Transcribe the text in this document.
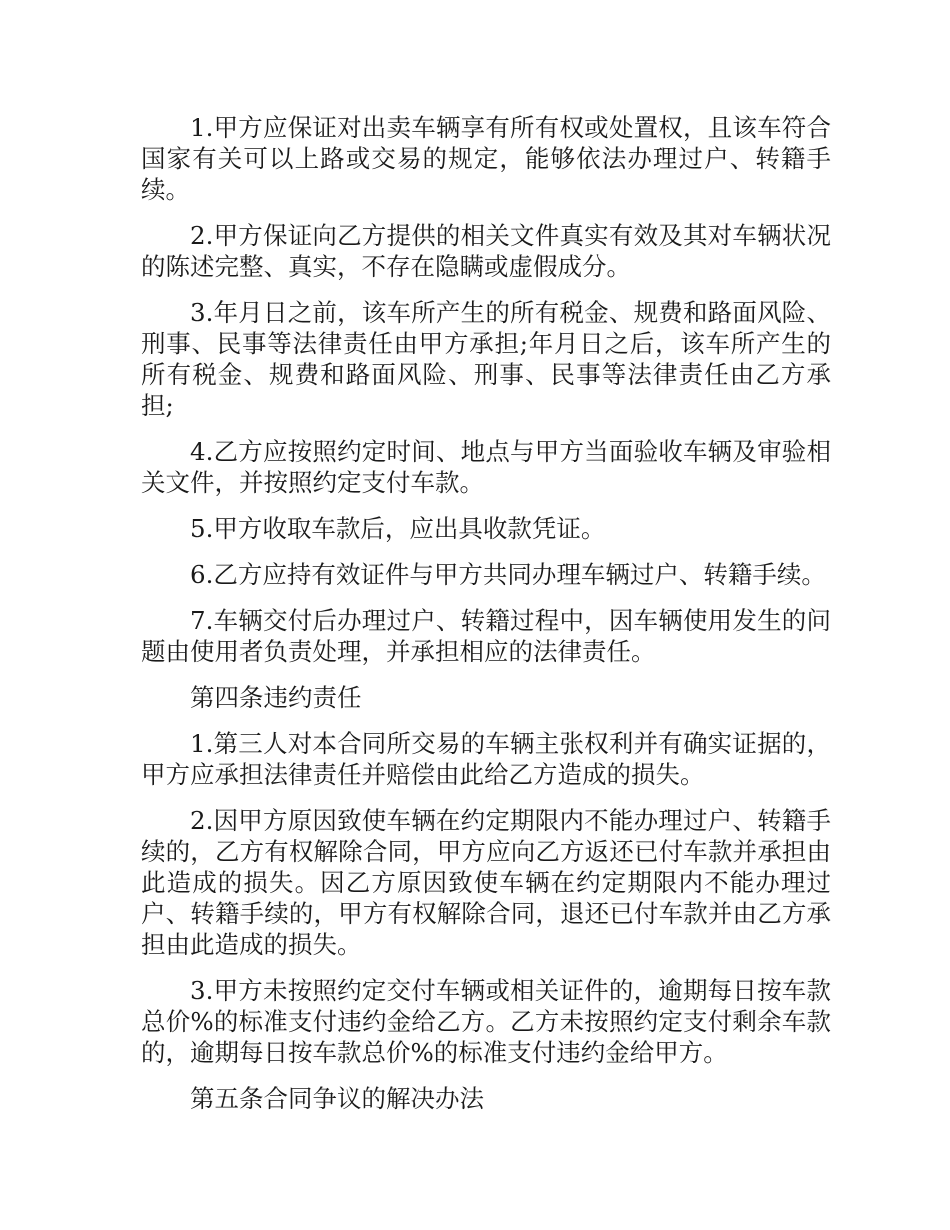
1.甲方应保证对出卖车辆享有所有权或处置权，且该车符合国家有关可以上路或交易的规定，能够依法办理过户、转籍手续。

2.甲方保证向乙方提供的相关文件真实有效及其对车辆状况的陈述完整、真实，不存在隐瞒或虚假成分。

3.年月日之前，该车所产生的所有税金、规费和路面风险、刑事、民事等法律责任由甲方承担;年月日之后，该车所产生的所有税金、规费和路面风险、刑事、民事等法律责任由乙方承担;

4.乙方应按照约定时间、地点与甲方当面验收车辆及审验相关文件，并按照约定支付车款。

5.甲方收取车款后，应出具收款凭证。

6.乙方应持有效证件与甲方共同办理车辆过户、转籍手续。

7.车辆交付后办理过户、转籍过程中，因车辆使用发生的问题由使用者负责处理，并承担相应的法律责任。

第四条违约责任

1.第三人对本合同所交易的车辆主张权利并有确实证据的，甲方应承担法律责任并赔偿由此给乙方造成的损失。

2.因甲方原因致使车辆在约定期限内不能办理过户、转籍手续的，乙方有权解除合同，甲方应向乙方返还已付车款并承担由此造成的损失。因乙方原因致使车辆在约定期限内不能办理过户、转籍手续的，甲方有权解除合同，退还已付车款并由乙方承担由此造成的损失。

3.甲方未按照约定交付车辆或相关证件的，逾期每日按车款总价%的标准支付违约金给乙方。乙方未按照约定支付剩余车款的，逾期每日按车款总价%的标准支付违约金给甲方。

第五条合同争议的解决办法
